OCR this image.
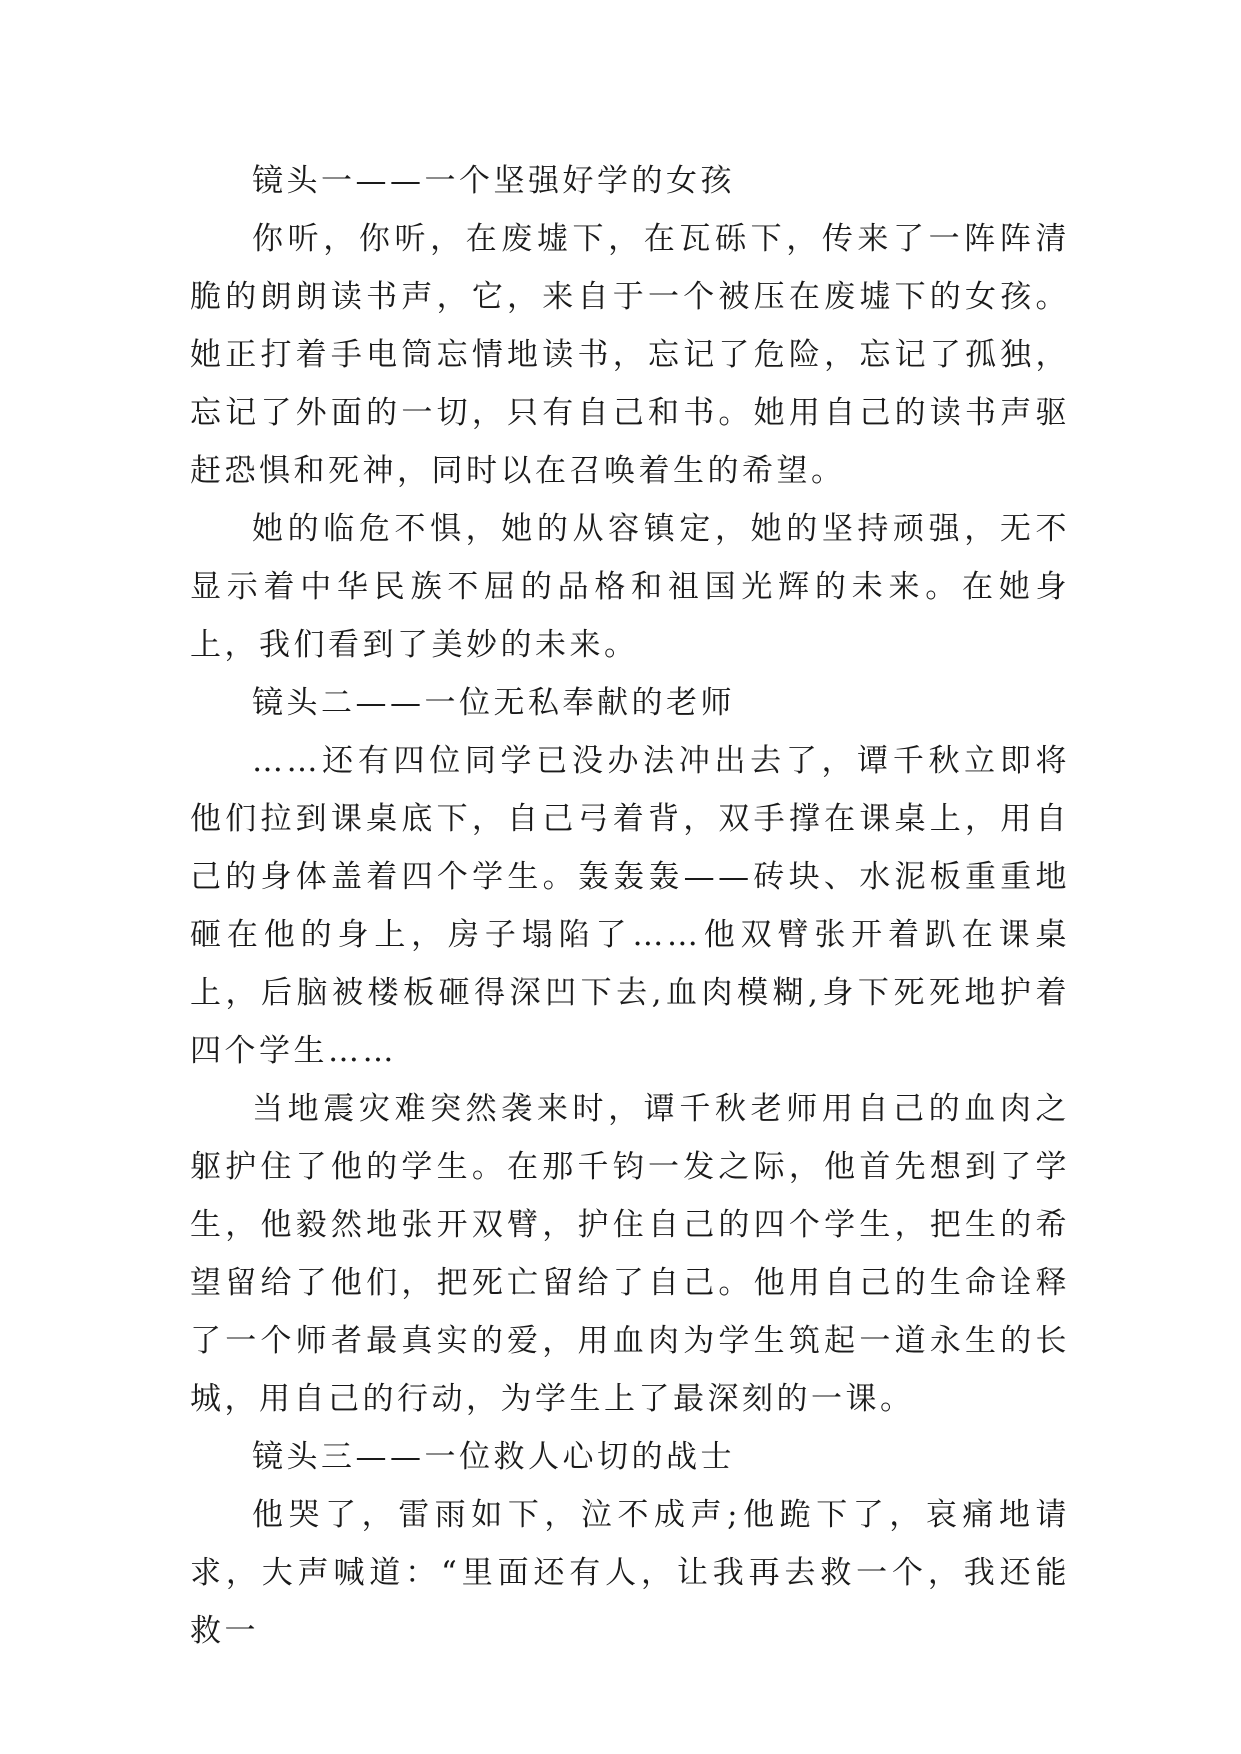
镜头一——一个坚强好学的女孩

你听，你听，在废墟下，在瓦砾下，传来了一阵阵清脆的朗朗读书声，它，来自于一个被压在废墟下的女孩。她正打着手电筒忘情地读书，忘记了危险，忘记了孤独，忘记了外面的一切，只有自己和书。她用自己的读书声驱赶恐惧和死神，同时以在召唤着生的希望。

她的临危不惧，她的从容镇定，她的坚持顽强，无不显示着中华民族不屈的品格和祖国光辉的未来。在她身上，我们看到了美妙的未来。

镜头二——一位无私奉献的老师

……还有四位同学已没办法冲出去了，谭千秋立即将他们拉到课桌底下，自己弓着背，双手撑在课桌上，用自己的身体盖着四个学生。轰轰轰——砖块、水泥板重重地砸在他的身上，房子塌陷了……他双臂张开着趴在课桌上，后脑被楼板砸得深凹下去,血肉模糊,身下死死地护着四个学生……

当地震灾难突然袭来时，谭千秋老师用自己的血肉之躯护住了他的学生。在那千钧一发之际，他首先想到了学生，他毅然地张开双臂，护住自己的四个学生，把生的希望留给了他们，把死亡留给了自己。他用自己的生命诠释了一个师者最真实的爱，用血肉为学生筑起一道永生的长城，用自己的行动，为学生上了最深刻的一课。

镜头三——一位救人心切的战士

他哭了，雷雨如下，泣不成声;他跪下了，哀痛地请求，大声喊道：“里面还有人，让我再去救一个，我还能救一
